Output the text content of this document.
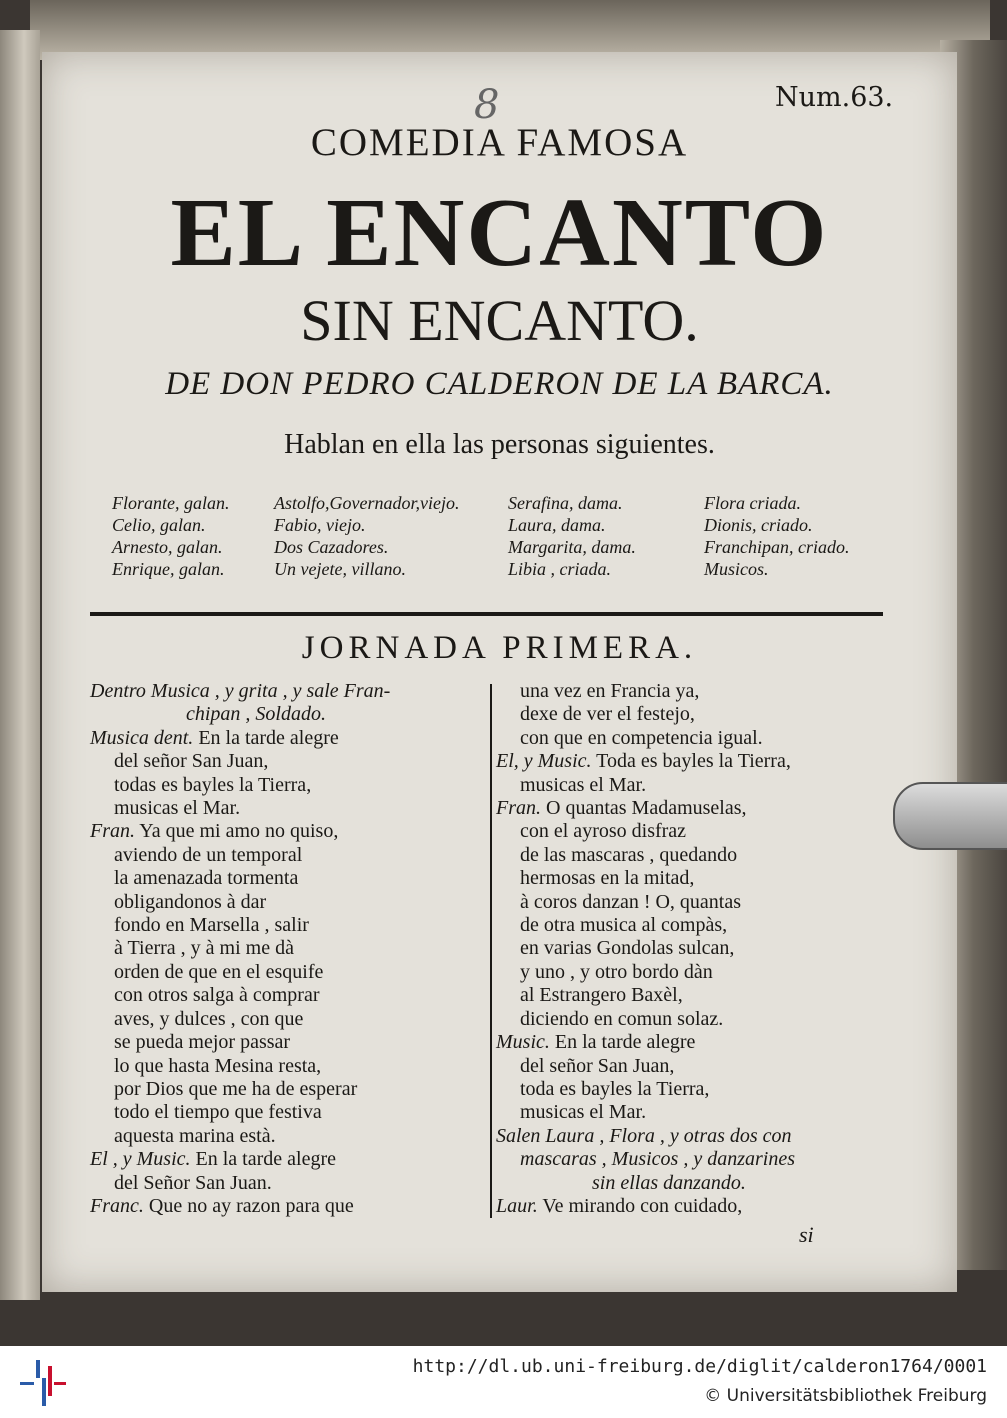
8	Num.63.
COMEDIA FAMOSA
EL ENCANTO
SIN ENCANTO.
DE DON PEDRO CALDERON DE LA BARCA.
Hablan en ella las personas siguientes.
Florante, galan.
Celio, galan.
Arnesto, galan.
Enrique, galan.
Astolfo,Governador,viejo.
Fabio, viejo.
Dos Cazadores.
Un vejete, villano.
Serafina, dama.
Laura, dama.
Margarita, dama.
Libia , criada.
Flora criada.
Dionis, criado.
Franchipan, criado.
Musicos.
JORNADA PRIMERA.
Dentro Musica , y grita , y sale Fran-
chipan , Soldado.
Musica dent. En la tarde alegre
del señor San Juan,
todas es bayles la Tierra,
musicas el Mar.
Fran. Ya que mi amo no quiso,
aviendo de un temporal
la amenazada tormenta
obligandonos à dar
fondo en Marsella , salir
à Tierra , y à mi me dà
orden de que en el esquife
con otros salga à comprar
aves, y dulces , con que
se pueda mejor passar
lo que hasta Mesina resta,
por Dios que me ha de esperar
todo el tiempo que festiva
aquesta marina està.
El , y Music. En la tarde alegre
del Señor San Juan.
Franc. Que no ay razon para que
una vez en Francia ya,
dexe de ver el festejo,
con que en competencia igual.
El, y Music. Toda es bayles la Tierra,
musicas el Mar.
Fran. O quantas Madamuselas,
con el ayroso disfraz
de las mascaras , quedando
hermosas en la mitad,
à coros danzan ! O, quantas
de otra musica al compàs,
en varias Gondolas sulcan,
y uno , y otro bordo dàn
al Estrangero Baxèl,
diciendo en comun solaz.
Music. En la tarde alegre
del señor San Juan,
toda es bayles la Tierra,
musicas el Mar.
Salen Laura , Flora , y otras dos con
mascaras , Musicos , y danzarines
sin ellas danzando.
Laur. Ve mirando con cuidado,
si
http://dl.ub.uni-freiburg.de/diglit/calderon1764/0001
© Universitätsbibliothek Freiburg
